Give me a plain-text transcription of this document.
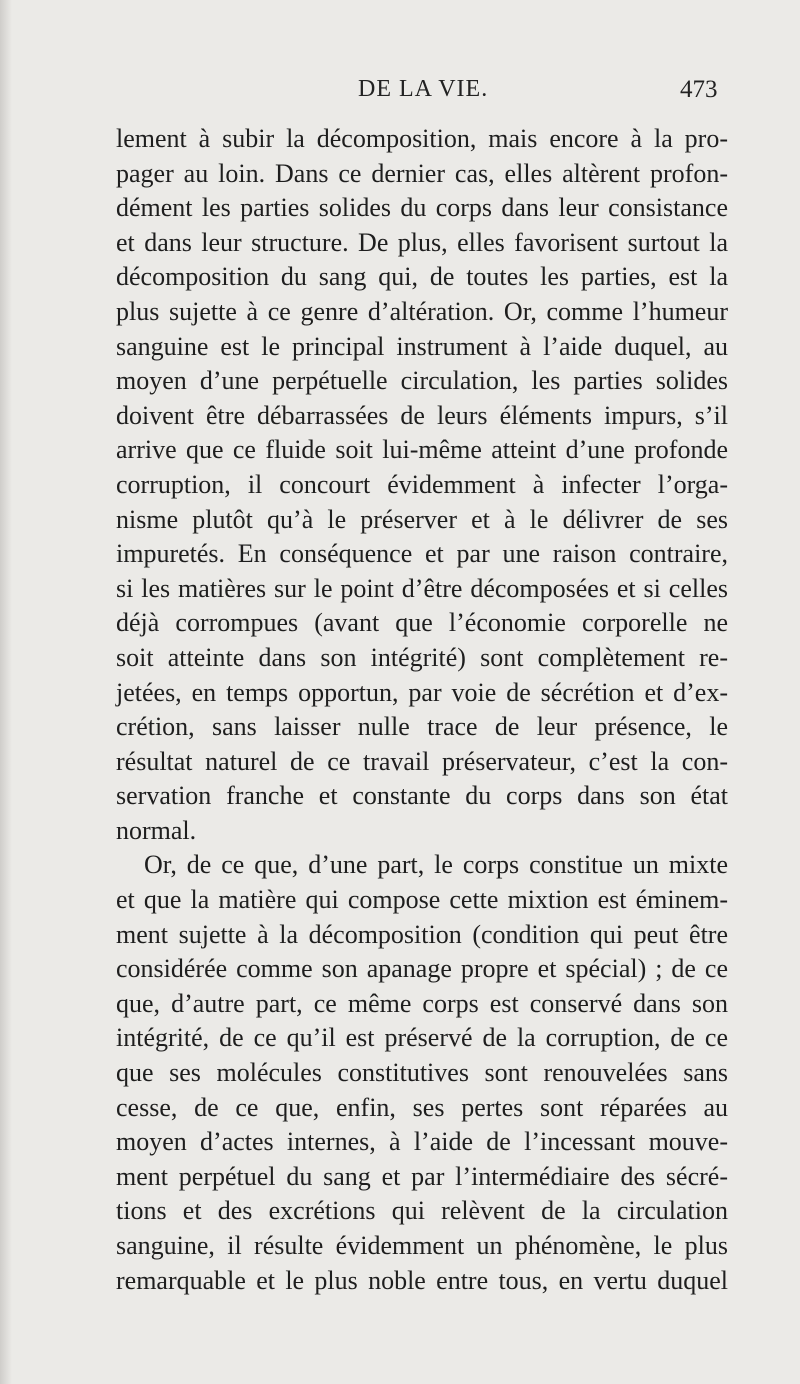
DE LA VIE.	473
lement à subir la décomposition, mais encore à la pro-
pager au loin. Dans ce dernier cas, elles altèrent profon-
dément les parties solides du corps dans leur consistance
et dans leur structure. De plus, elles favorisent surtout la
décomposition du sang qui, de toutes les parties, est la
plus sujette à ce genre d’altération. Or, comme l’humeur
sanguine est le principal instrument à l’aide duquel, au
moyen d’une perpétuelle circulation, les parties solides
doivent être débarrassées de leurs éléments impurs, s’il
arrive que ce fluide soit lui-même atteint d’une profonde
corruption, il concourt évidemment à infecter l’orga-
nisme plutôt qu’à le préserver et à le délivrer de ses
impuretés. En conséquence et par une raison contraire,
si les matières sur le point d’être décomposées et si celles
déjà corrompues (avant que l’économie corporelle ne
soit atteinte dans son intégrité) sont complètement re-
jetées, en temps opportun, par voie de sécrétion et d’ex-
crétion, sans laisser nulle trace de leur présence, le
résultat naturel de ce travail préservateur, c’est la con-
servation franche et constante du corps dans son état
normal.
Or, de ce que, d’une part, le corps constitue un mixte
et que la matière qui compose cette mixtion est éminem-
ment sujette à la décomposition (condition qui peut être
considérée comme son apanage propre et spécial) ; de ce
que, d’autre part, ce même corps est conservé dans son
intégrité, de ce qu’il est préservé de la corruption, de ce
que ses molécules constitutives sont renouvelées sans
cesse, de ce que, enfin, ses pertes sont réparées au
moyen d’actes internes, à l’aide de l’incessant mouve-
ment perpétuel du sang et par l’intermédiaire des sécré-
tions et des excrétions qui relèvent de la circulation
sanguine, il résulte évidemment un phénomène, le plus
remarquable et le plus noble entre tous, en vertu duquel
